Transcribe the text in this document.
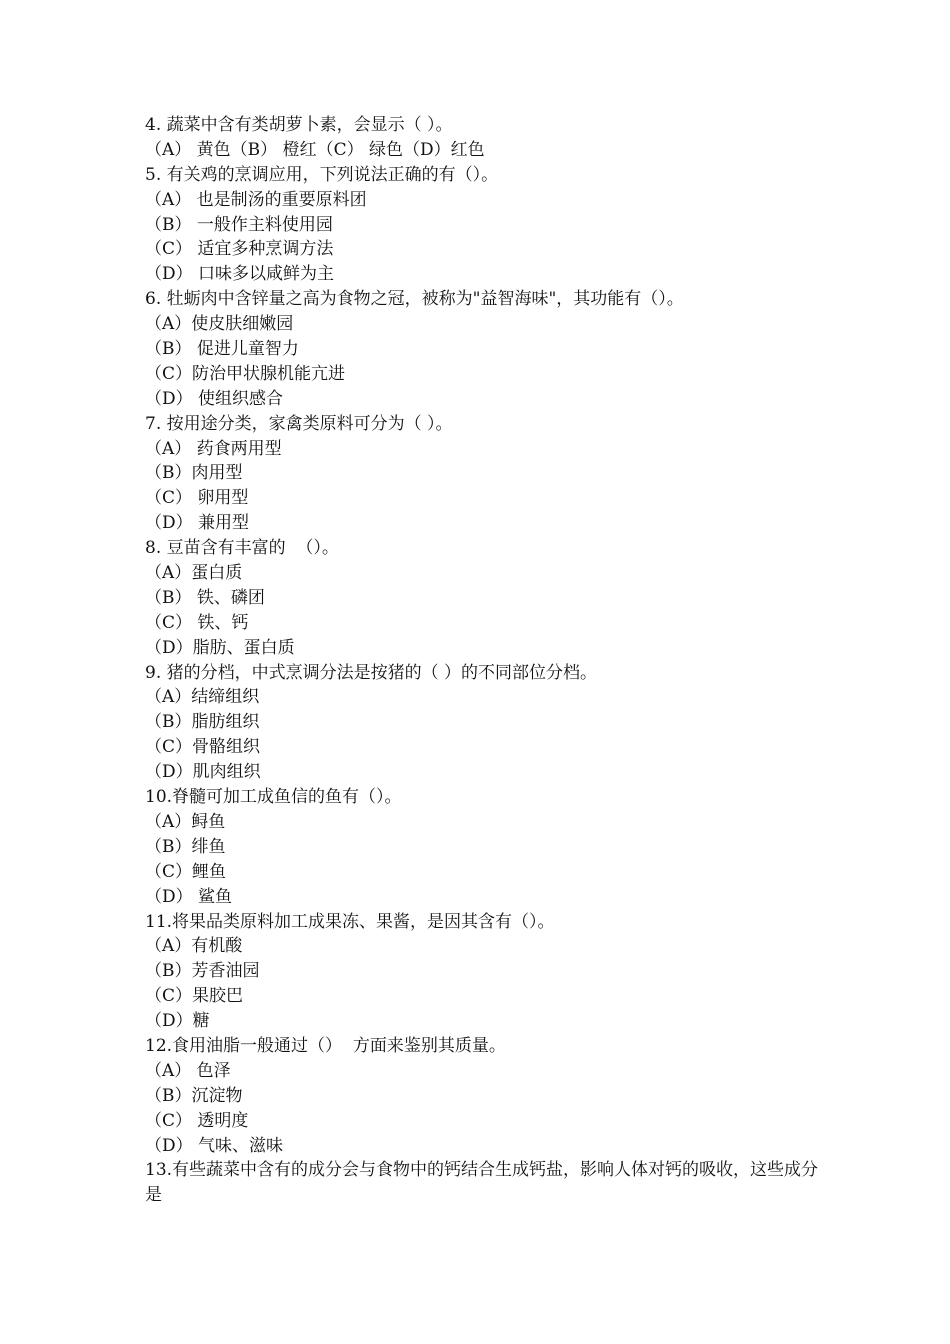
4. 蔬菜中含有类胡萝卜素，会显示（ ）。
（A） 黄色（B） 橙红（C） 绿色（D）红色
5. 有关鸡的烹调应用，下列说法正确的有（）。
（A） 也是制汤的重要原料团
（B） 一般作主料使用园
（C） 适宜多种烹调方法
（D） 口味多以咸鲜为主
6. 牡蛎肉中含锌量之高为食物之冠，被称为"益智海味"，其功能有（）。
（A）使皮肤细嫩园
（B） 促进儿童智力
（C）防治甲状腺机能亢进
（D） 使组织感合
7. 按用途分类，家禽类原料可分为（ ）。
（A） 药食两用型
（B）肉用型
（C） 卵用型
（D） 兼用型
8. 豆苗含有丰富的  （）。
（A）蛋白质
（B） 铁、磷团
（C） 铁、钙
（D）脂肪、蛋白质
9. 猪的分档，中式烹调分法是按猪的（ ）的不同部位分档。
（A）结缔组织
（B）脂肪组织
（C）骨骼组织
（D）肌肉组织
10.脊髓可加工成鱼信的鱼有（）。
（A）鲟鱼
（B）绯鱼
（C）鲤鱼
（D） 鲨鱼
11.将果品类原料加工成果冻、果酱，是因其含有（）。
（A）有机酸
（B）芳香油园
（C）果胶巴
（D）糖
12.食用油脂一般通过（）  方面来鉴别其质量。
（A） 色泽
（B）沉淀物
（C） 透明度
（D） 气味、滋味
13.有些蔬菜中含有的成分会与食物中的钙结合生成钙盐，影响人体对钙的吸收，这些成分是
